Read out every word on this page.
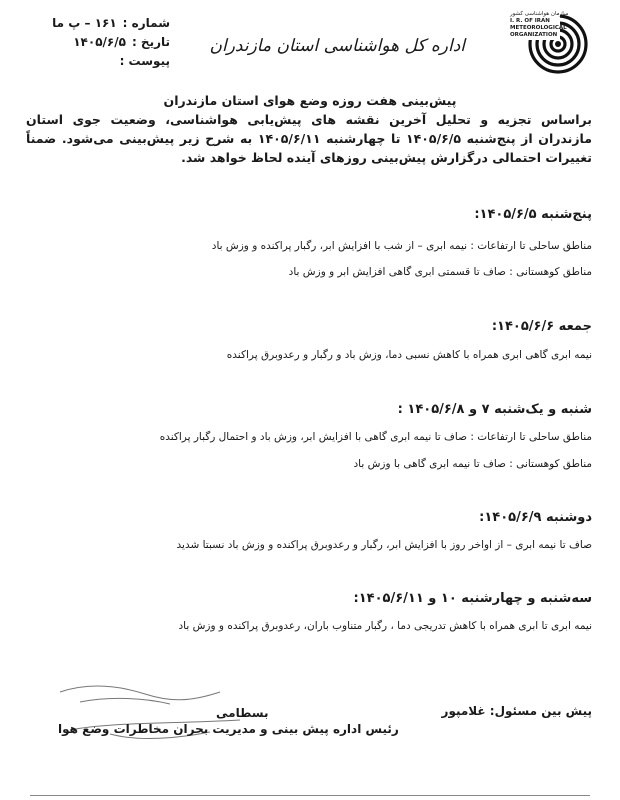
سازمان هواشناسی کشور
I. R. OF IRAN
METEOROLOGICAL
ORGANIZATION
اداره کل هواشناسی استان مازندران
شماره :
۱۶۱ – پ ما
تاریخ :
۱۴۰۵/۶/۵
پیوست :
پیش‌بینی هفت روزه وضع هوای استان مازندران
براساس تجزیه و تحلیل آخرین نقشه های پیش‌یابی هواشناسی، وضعیت جوی استان مازندران از پنج‌شنبه ۱۴۰۵/۶/۵ تا چهارشنبه ۱۴۰۵/۶/۱۱ به شرح زیر پیش‌بینی می‌شود. ضمناً تغییرات احتمالی درگزارش پیش‌بینی روزهای آینده لحاظ خواهد شد.
پنج‌شنبه ۱۴۰۵/۶/۵:
مناطق ساحلی تا ارتفاعات : نیمه ابری – از شب با افزایش ابر، رگبار پراکنده و وزش باد
مناطق کوهستانی : صاف تا قسمتی ابری گاهی افزایش ابر و وزش باد
جمعه ۱۴۰۵/۶/۶:
نیمه ابری گاهی ابری همراه با کاهش نسبی دما، وزش باد و رگبار و رعدوبرق پراکنده
شنبه و یک‌شنبه ۷ و ۱۴۰۵/۶/۸ :
مناطق ساحلی تا ارتفاعات : صاف تا نیمه ابری گاهی با افزایش ابر، وزش باد و احتمال رگبار پراکنده
مناطق کوهستانی : صاف تا نیمه ابری گاهی با وزش باد
دوشنبه ۱۴۰۵/۶/۹:
صاف تا نیمه ابری – از اواخر روز با افزایش ابر، رگبار و رعدوبرق پراکنده و وزش باد نسبتا شدید
سه‌شنبه و چهارشنبه ۱۰ و ۱۴۰۵/۶/۱۱:
نیمه ابری تا ابری همراه با کاهش تدریجی دما ، رگبار متناوب باران، رعدوبرق پراکنده و وزش باد
پیش بین مسئول: غلامپور
بسطامی
رئیس اداره پیش بینی و مدیریت بحران مخاطرات وضع هوا
